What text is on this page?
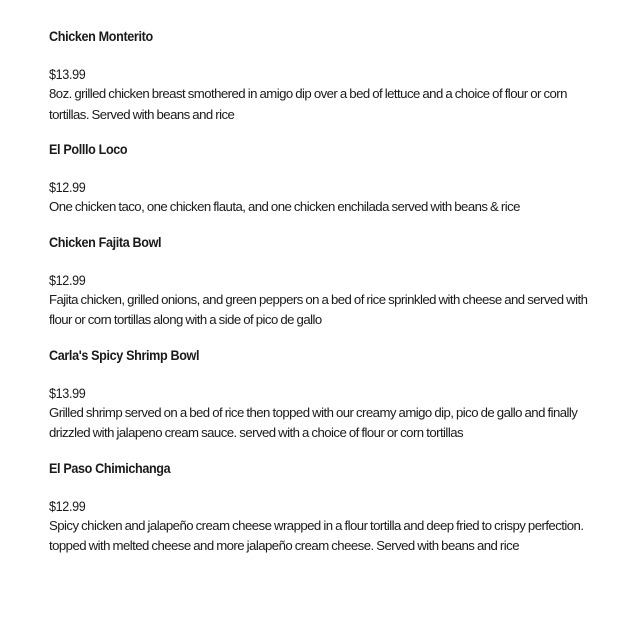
Chicken Monterito
$13.99
8oz. grilled chicken breast smothered in amigo dip over a bed of lettuce and a choice of flour or corn tortillas. Served with beans and rice
El Polllo Loco
$12.99
One chicken taco, one chicken flauta, and one chicken enchilada served with beans & rice
Chicken Fajita Bowl
$12.99
Fajita chicken, grilled onions, and green peppers on a bed of rice sprinkled with cheese and served with flour or corn tortillas along with a side of pico de gallo
Carla's Spicy Shrimp Bowl
$13.99
Grilled shrimp served on a bed of rice then topped with our creamy amigo dip, pico de gallo and finally drizzled with jalapeno cream sauce. served with a choice of flour or corn tortillas
El Paso Chimichanga
$12.99
Spicy chicken and jalapeño cream cheese wrapped in a flour tortilla and deep fried to crispy perfection. topped with melted cheese and more jalapeño cream cheese. Served with beans and rice
